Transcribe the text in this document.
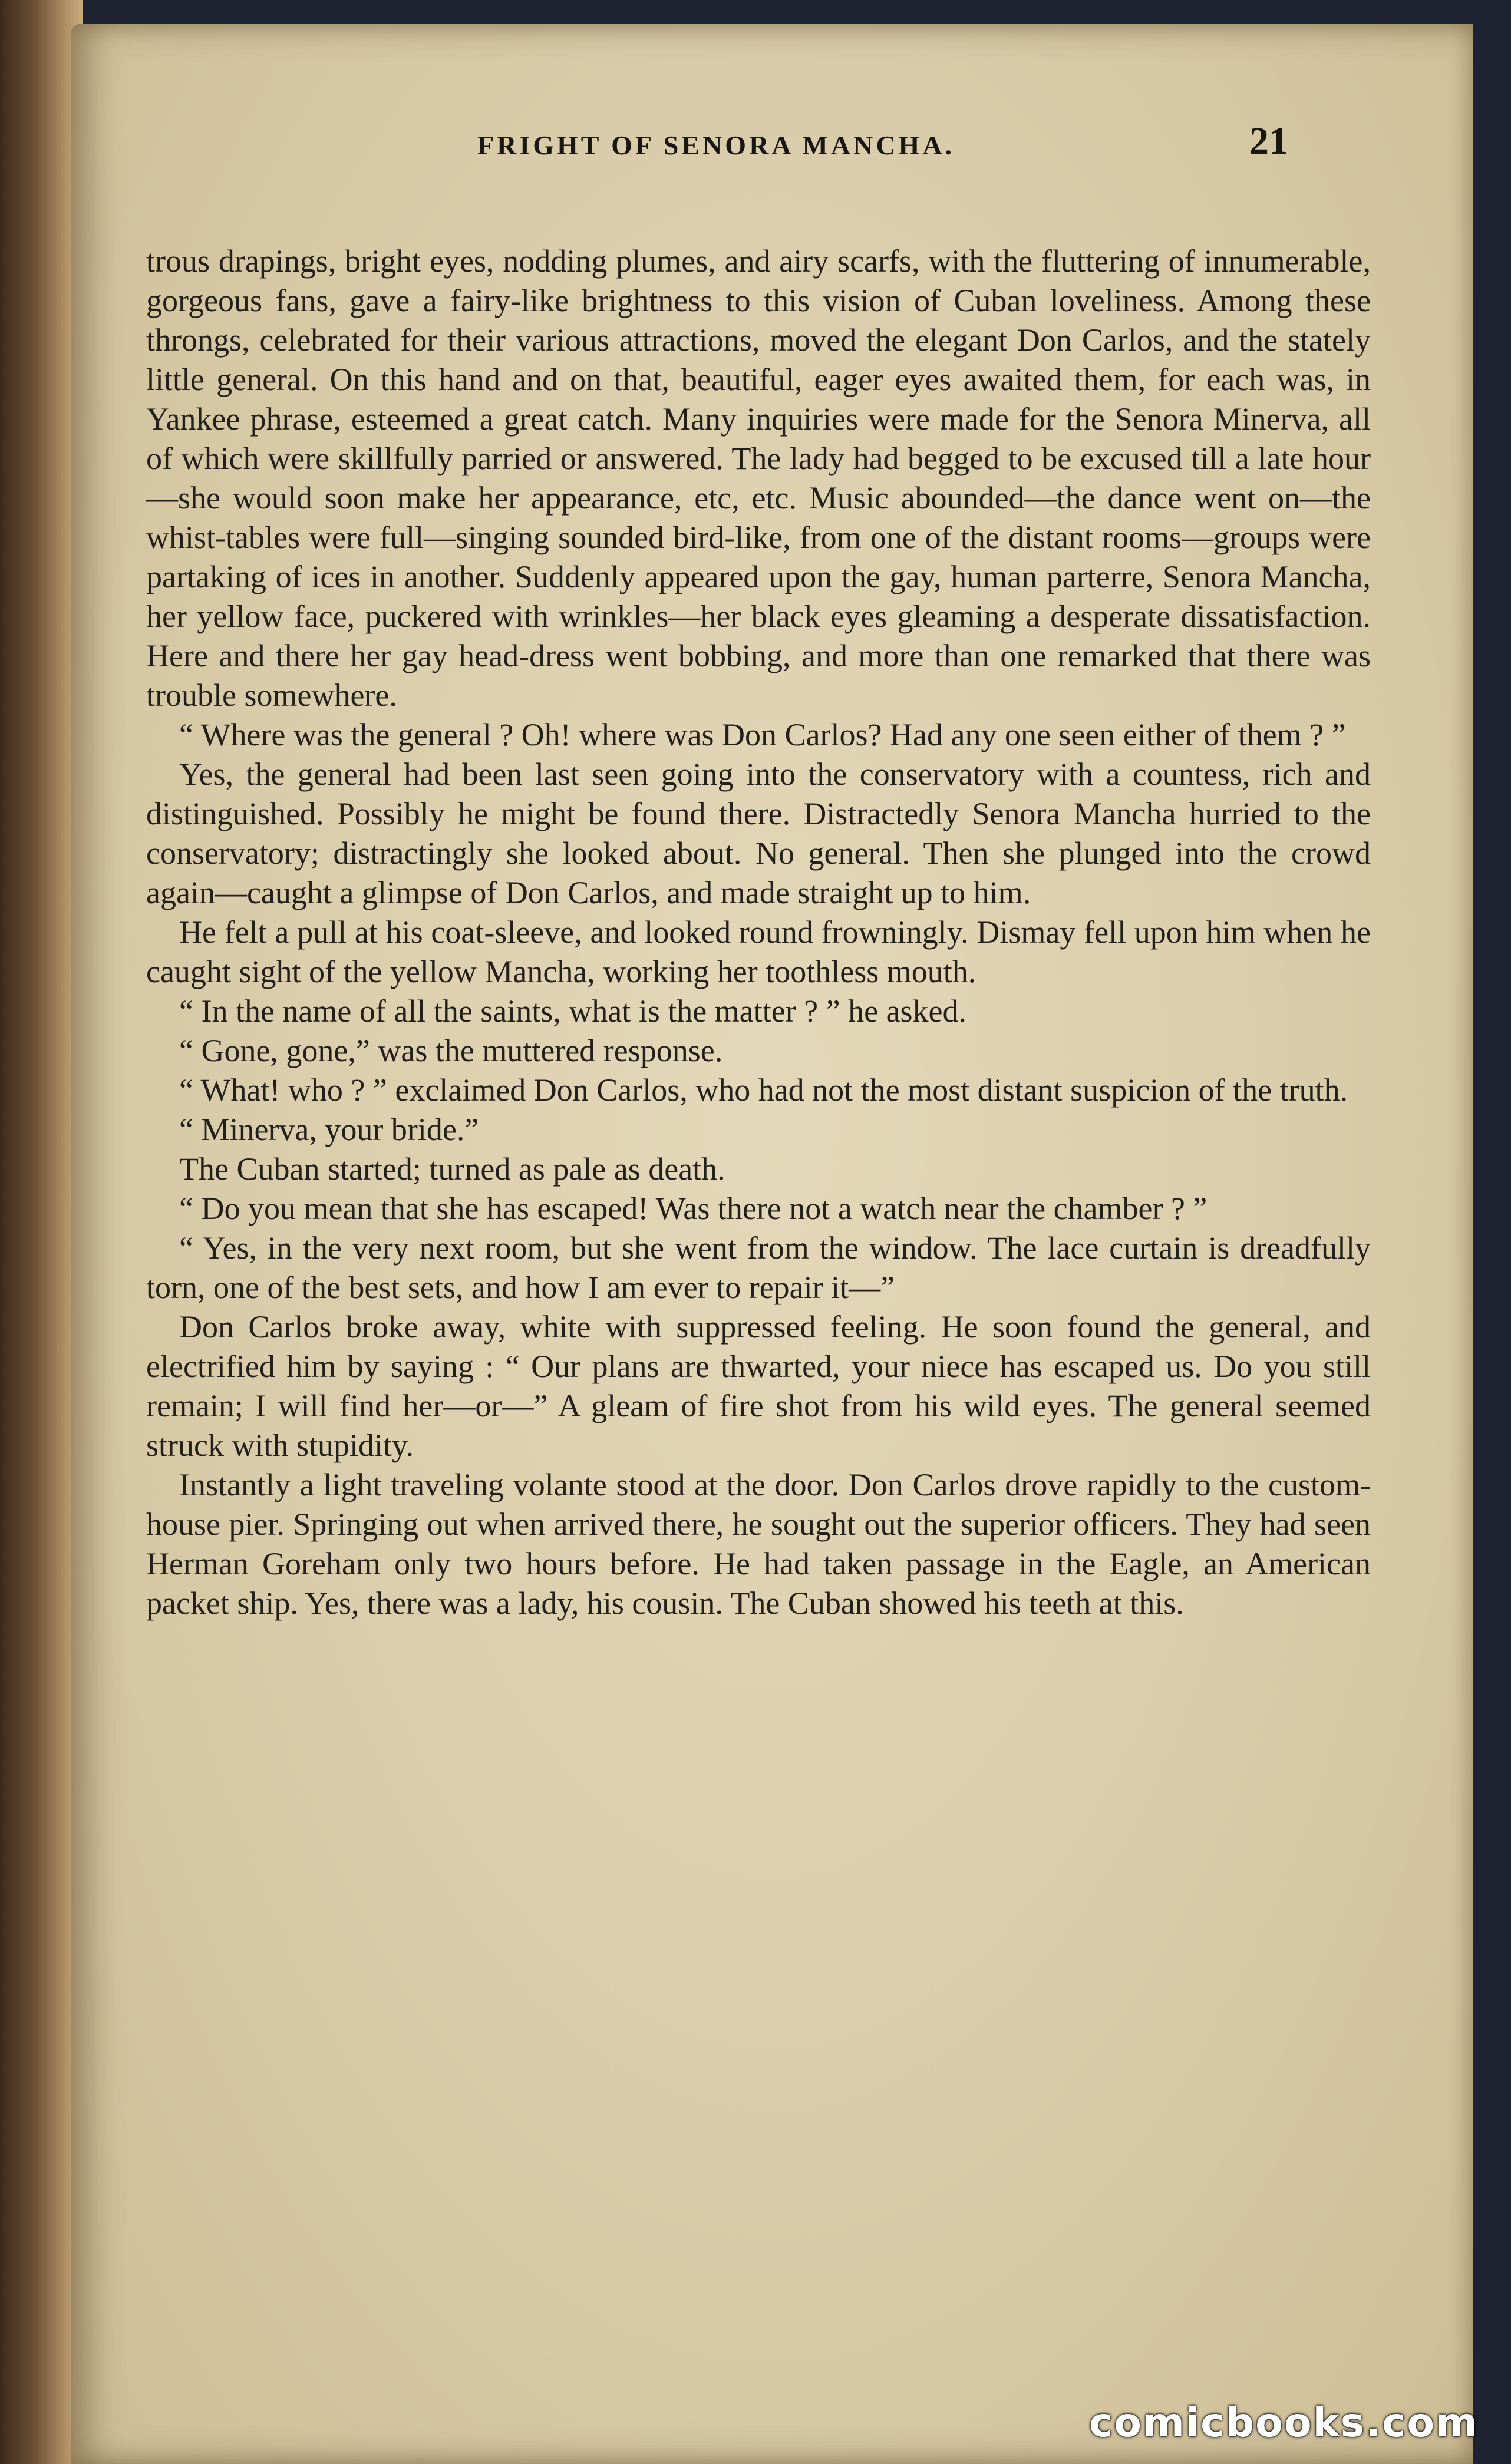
FRIGHT OF SENORA MANCHA.	21

trous drapings, bright eyes, nodding plumes, and airy scarfs, with the fluttering of innumerable, gorgeous fans, gave a fairy-like brightness to this vision of Cuban loveliness. Among these throngs, celebrated for their various attractions, moved the elegant Don Carlos, and the stately little general. On this hand and on that, beautiful, eager eyes awaited them, for each was, in Yankee phrase, esteemed a great catch. Many inquiries were made for the Senora Minerva, all of which were skillfully parried or answered. The lady had begged to be excused till a late hour—she would soon make her appearance, etc, etc. Music abounded—the dance went on—the whist-tables were full—singing sounded bird-like, from one of the distant rooms—groups were partaking of ices in another. Suddenly appeared upon the gay, human parterre, Senora Mancha, her yellow face, puckered with wrinkles—her black eyes gleaming a desperate dissatisfaction. Here and there her gay head-dress went bobbing, and more than one remarked that there was trouble somewhere.

“ Where was the general ? Oh! where was Don Carlos? Had any one seen either of them ? ”

Yes, the general had been last seen going into the conservatory with a countess, rich and distinguished. Possibly he might be found there. Distractedly Senora Mancha hurried to the conservatory; distractingly she looked about. No general. Then she plunged into the crowd again—caught a glimpse of Don Carlos, and made straight up to him.

He felt a pull at his coat-sleeve, and looked round frowningly. Dismay fell upon him when he caught sight of the yellow Mancha, working her toothless mouth.

“ In the name of all the saints, what is the matter ? ” he asked.

“ Gone, gone,” was the muttered response.

“ What! who ? ” exclaimed Don Carlos, who had not the most distant suspicion of the truth.

“ Minerva, your bride.”

The Cuban started; turned as pale as death.

“ Do you mean that she has escaped! Was there not a watch near the chamber ? ”

“ Yes, in the very next room, but she went from the window. The lace curtain is dreadfully torn, one of the best sets, and how I am ever to repair it—”

Don Carlos broke away, white with suppressed feeling. He soon found the general, and electrified him by saying : “ Our plans are thwarted, your niece has escaped us. Do you still remain; I will find her—or—” A gleam of fire shot from his wild eyes. The general seemed struck with stupidity.

Instantly a light traveling volante stood at the door. Don Carlos drove rapidly to the custom-house pier. Springing out when arrived there, he sought out the superior officers. They had seen Herman Goreham only two hours before. He had taken passage in the Eagle, an American packet ship. Yes, there was a lady, his cousin. The Cuban showed his teeth at this.

comicbooks.com
